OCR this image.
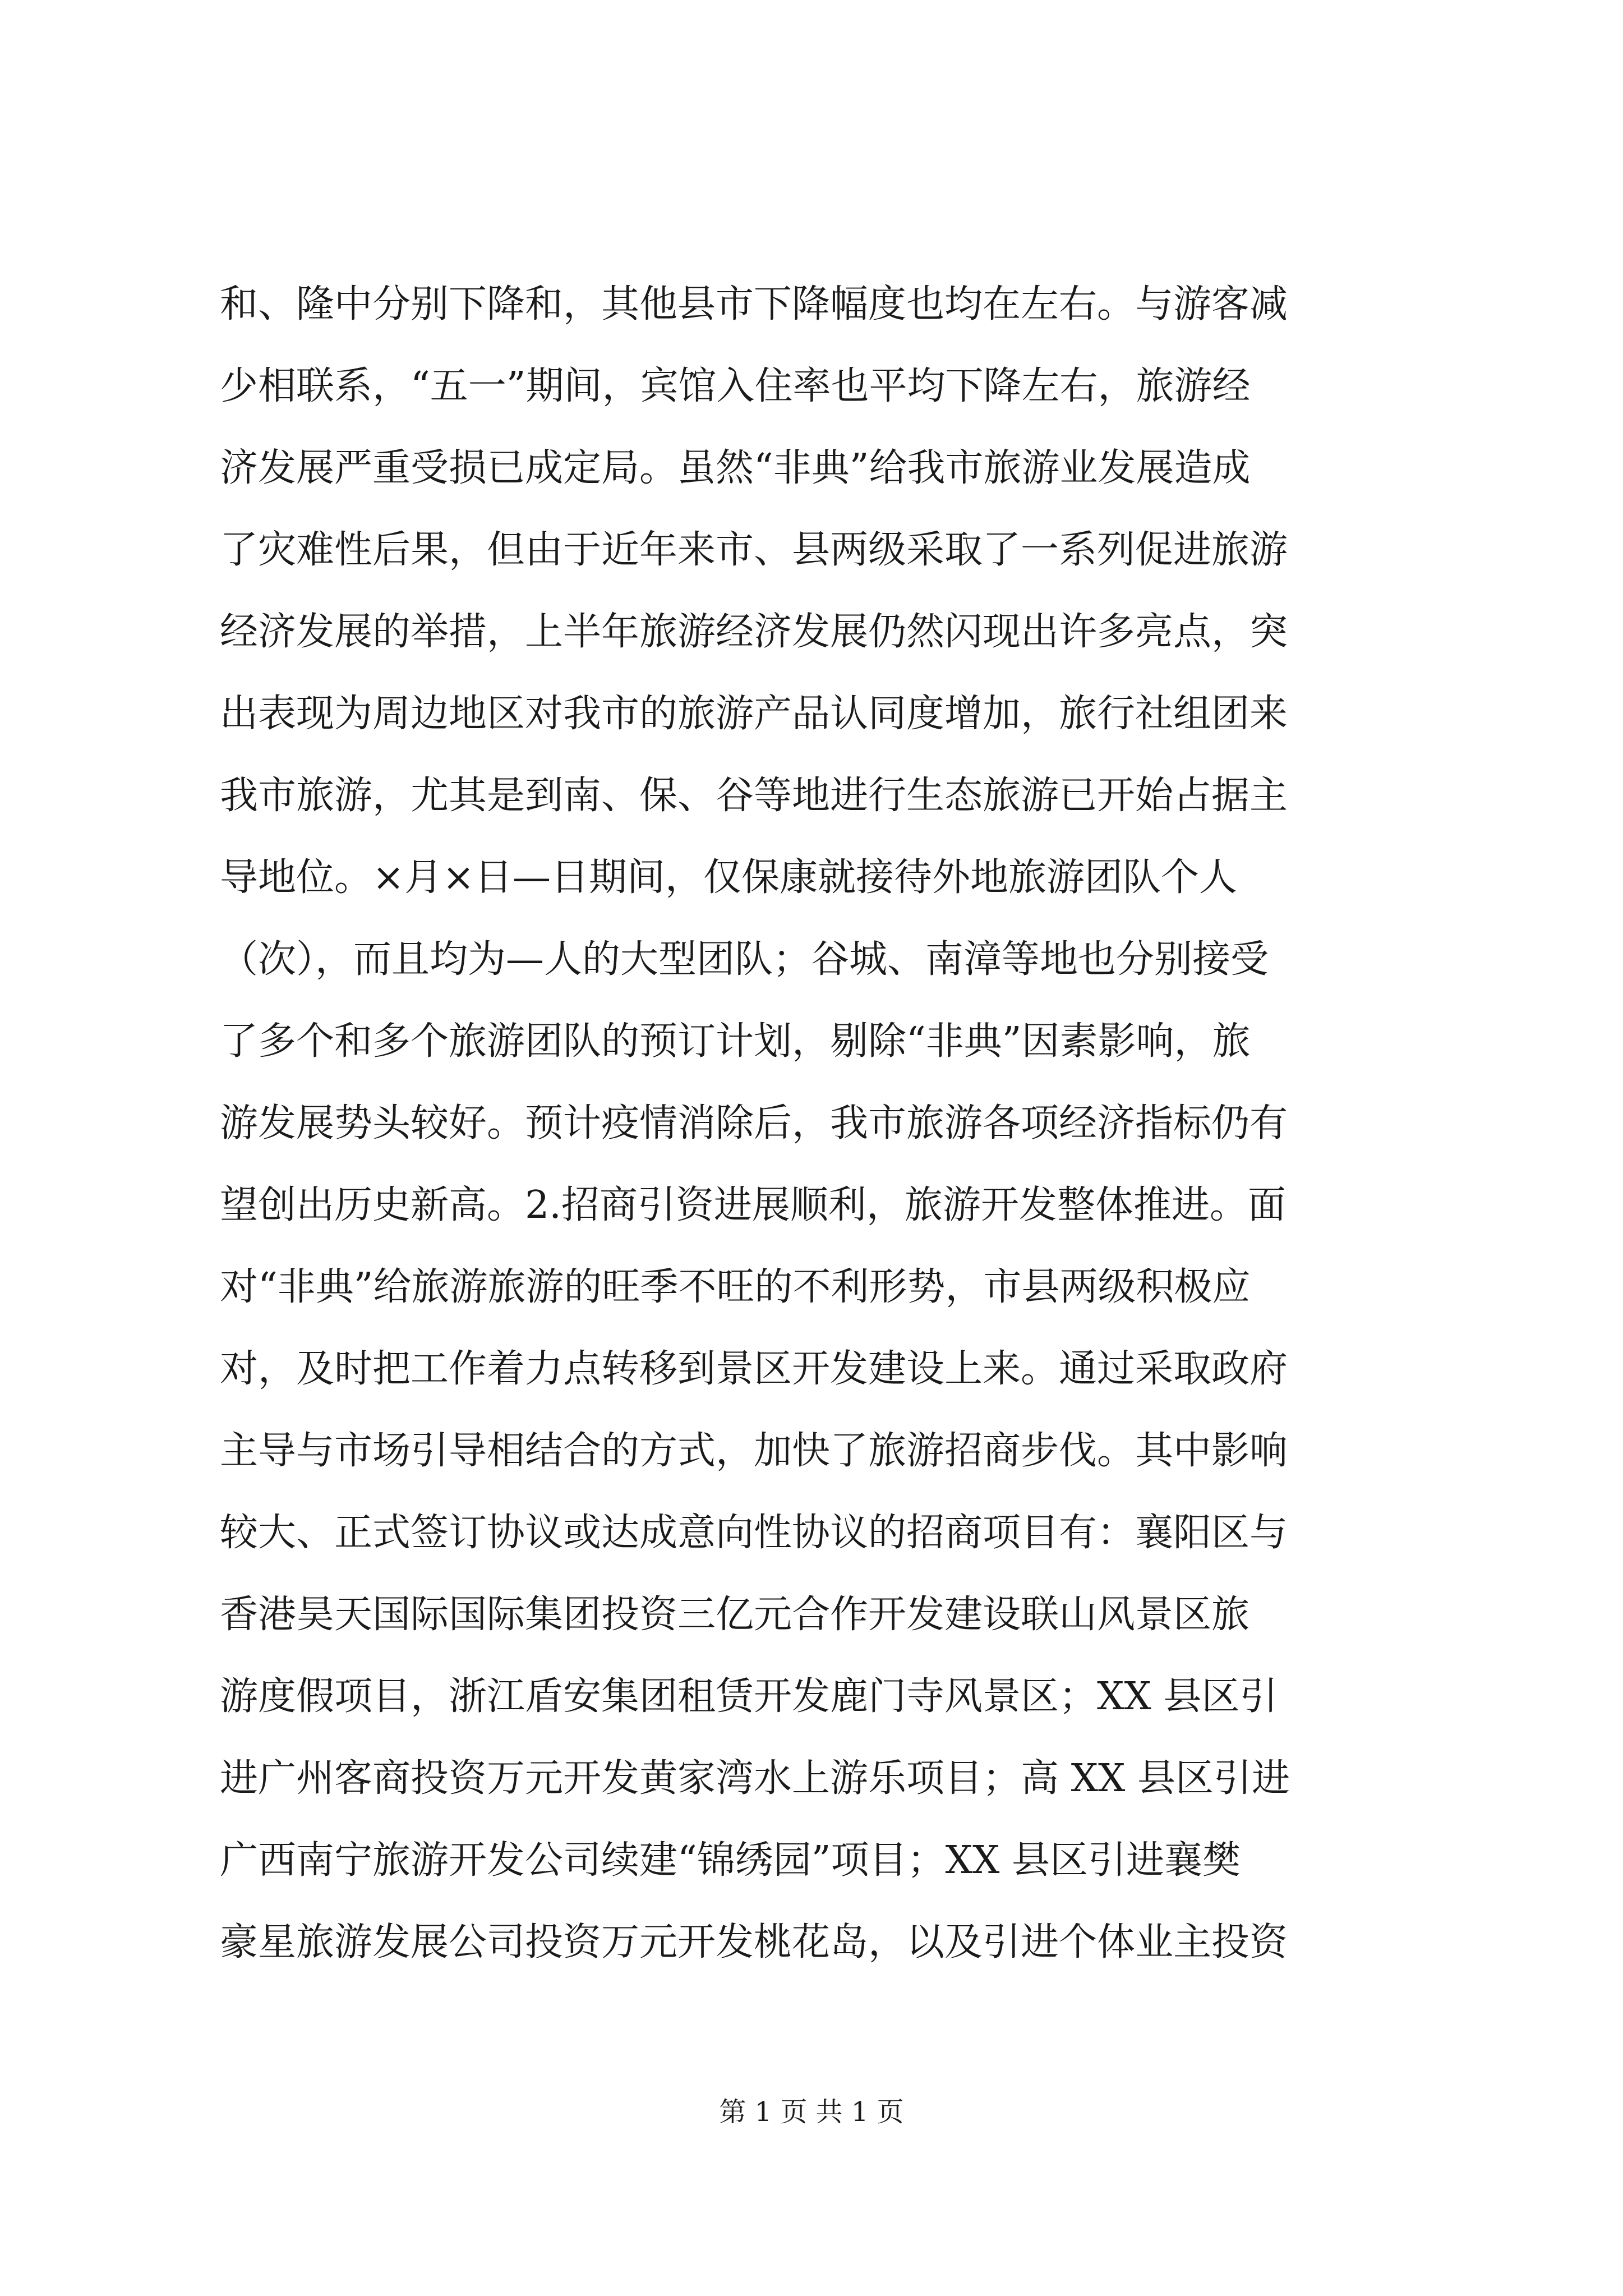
和、隆中分别下降和，其他县市下降幅度也均在左右。与游客减
少相联系，“五一”期间，宾馆入住率也平均下降左右，旅游经
济发展严重受损已成定局。虽然“非典”给我市旅游业发展造成
了灾难性后果，但由于近年来市、县两级采取了一系列促进旅游
经济发展的举措，上半年旅游经济发展仍然闪现出许多亮点，突
出表现为周边地区对我市的旅游产品认同度增加，旅行社组团来
我市旅游，尤其是到南、保、谷等地进行生态旅游已开始占据主
导地位。×月×日—日期间，仅保康就接待外地旅游团队个人
（次），而且均为—人的大型团队；谷城、南漳等地也分别接受
了多个和多个旅游团队的预订计划，剔除“非典”因素影响，旅
游发展势头较好。预计疫情消除后，我市旅游各项经济指标仍有
望创出历史新高。2.招商引资进展顺利，旅游开发整体推进。面
对“非典”给旅游旅游的旺季不旺的不利形势，市县两级积极应
对，及时把工作着力点转移到景区开发建设上来。通过采取政府
主导与市场引导相结合的方式，加快了旅游招商步伐。其中影响
较大、正式签订协议或达成意向性协议的招商项目有：襄阳区与
香港昊天国际国际集团投资三亿元合作开发建设联山风景区旅
游度假项目，浙江盾安集团租赁开发鹿门寺风景区；XX 县区引
进广州客商投资万元开发黄家湾水上游乐项目；高 XX 县区引进
广西南宁旅游开发公司续建“锦绣园”项目；XX 县区引进襄樊
豪星旅游发展公司投资万元开发桃花岛，以及引进个体业主投资
第 1 页 共 1 页
